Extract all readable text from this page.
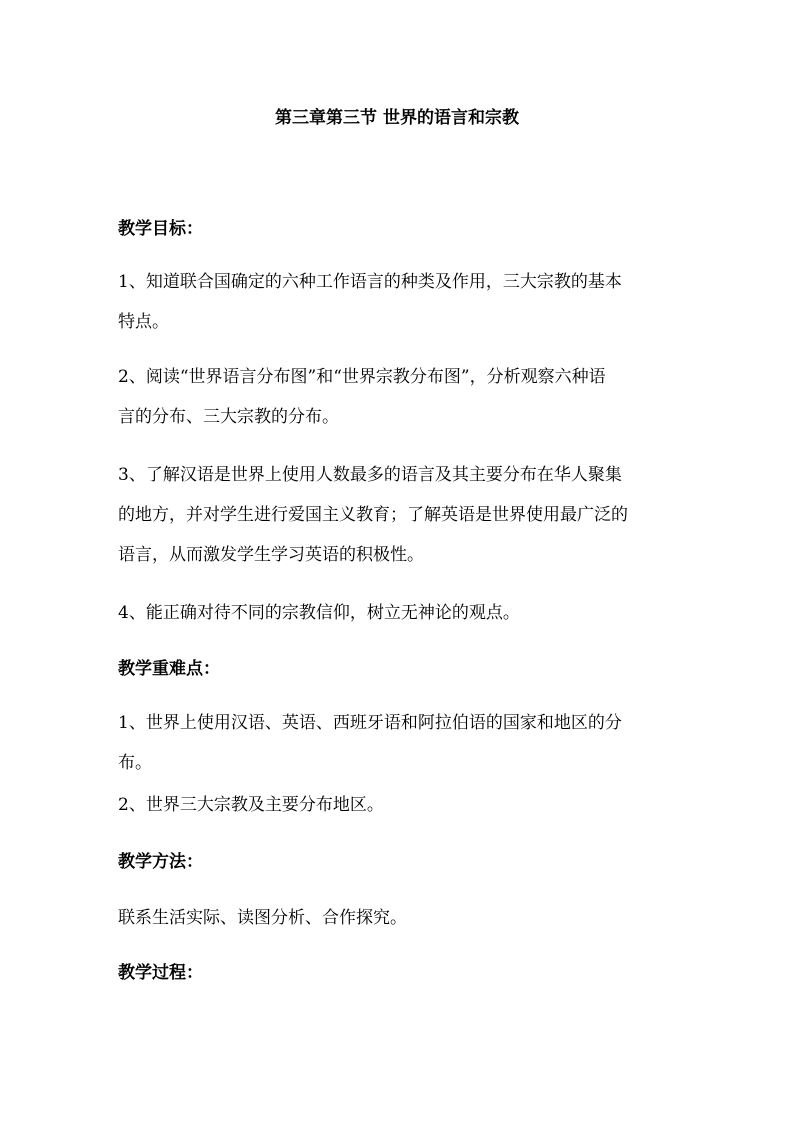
第三章第三节 世界的语言和宗教
教学目标：
1、知道联合国确定的六种工作语言的种类及作用，三大宗教的基本
特点。
2、阅读“世界语言分布图”和“世界宗教分布图”，分析观察六种语
言的分布、三大宗教的分布。
3、了解汉语是世界上使用人数最多的语言及其主要分布在华人聚集
的地方，并对学生进行爱国主义教育；了解英语是世界使用最广泛的
语言，从而激发学生学习英语的积极性。
4、能正确对待不同的宗教信仰，树立无神论的观点。
教学重难点：
1、世界上使用汉语、英语、西班牙语和阿拉伯语的国家和地区的分
布。
2、世界三大宗教及主要分布地区。
教学方法：
联系生活实际、读图分析、合作探究。
教学过程：
